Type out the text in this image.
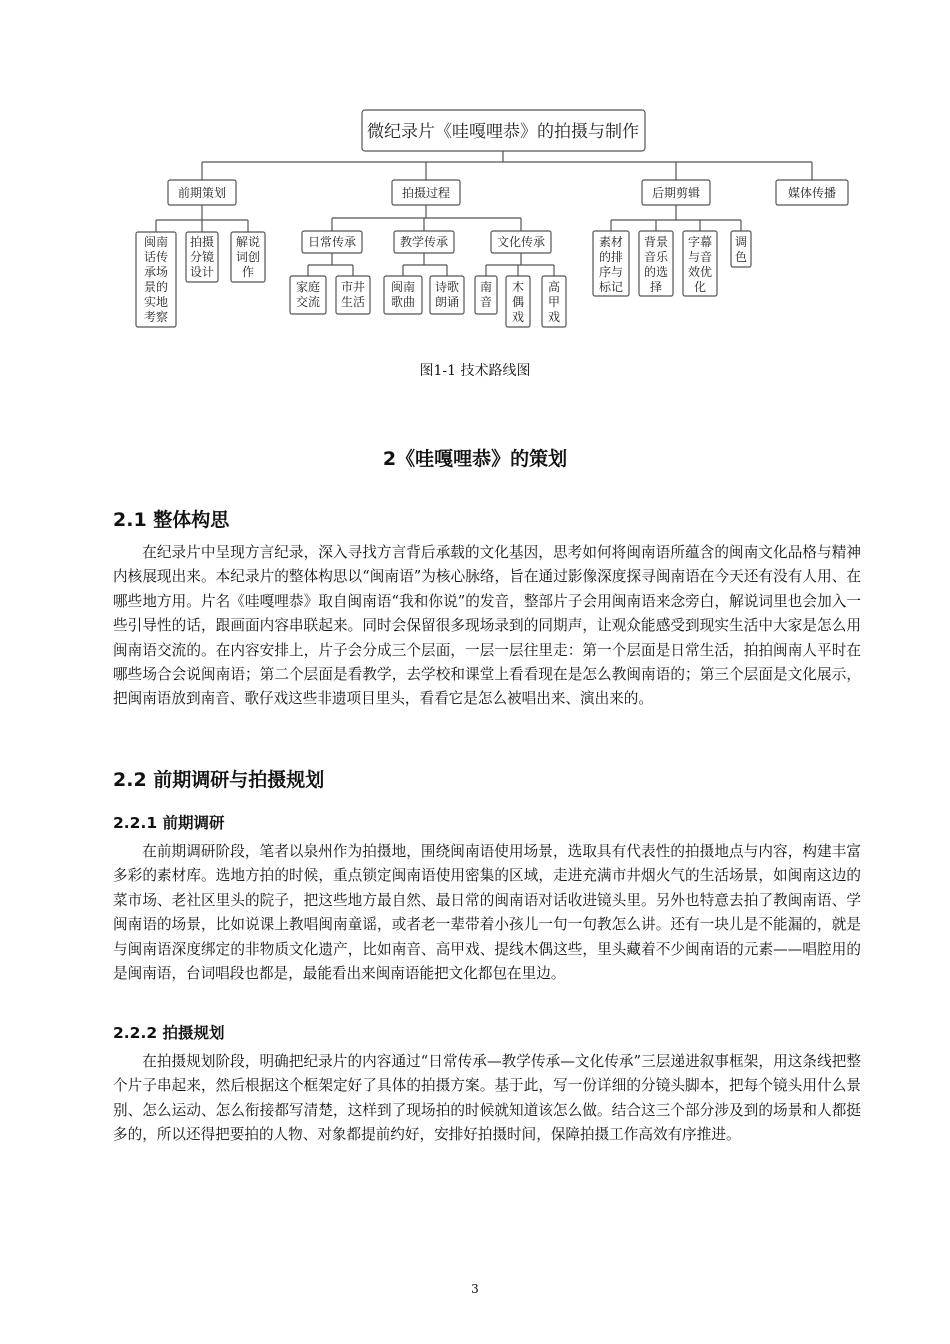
微纪录片《哇嘎哩恭》的拍摄与制作
前期策划	拍摄过程	后期剪辑	媒体传播
闽南
话传
承场
景的
实地
考察
拍摄
分镜
设计
解说
词创
作
日常传承	教学传承	文化传承
家庭
交流
市井
生活
闽南
歌曲
诗歌
朗诵
南
音
木
偶
戏
高
甲
戏
素材
的排
序与
标记
背景
音乐
的选
择
字幕
与音
效优
化
调
色
图1-1 技术路线图
2《哇嘎哩恭》的策划
2.1 整体构思
在纪录片中呈现方言纪录，深入寻找方言背后承载的文化基因，思考如何将闽南语所蕴含的闽南文化品格与精神内核展现出来。本纪录片的整体构思以“闽南语”为核心脉络，旨在通过影像深度探寻闽南语在今天还有没有人用、在哪些地方用。片名《哇嘎哩恭》取自闽南语“我和你说”的发音，整部片子会用闽南语来念旁白，解说词里也会加入一些引导性的话，跟画面内容串联起来。同时会保留很多现场录到的同期声，让观众能感受到现实生活中大家是怎么用闽南语交流的。在内容安排上，片子会分成三个层面，一层一层往里走：第一个层面是日常生活，拍拍闽南人平时在哪些场合会说闽南语；第二个层面是看教学，去学校和课堂上看看现在是怎么教闽南语的；第三个层面是文化展示，把闽南语放到南音、歌仔戏这些非遗项目里头，看看它是怎么被唱出来、演出来的。
2.2 前期调研与拍摄规划
2.2.1 前期调研
在前期调研阶段，笔者以泉州作为拍摄地，围绕闽南语使用场景，选取具有代表性的拍摄地点与内容，构建丰富多彩的素材库。选地方拍的时候，重点锁定闽南语使用密集的区域，走进充满市井烟火气的生活场景，如闽南这边的菜市场、老社区里头的院子，把这些地方最自然、最日常的闽南语对话收进镜头里。另外也特意去拍了教闽南语、学闽南语的场景，比如说课上教唱闽南童谣，或者老一辈带着小孩儿一句一句教怎么讲。还有一块儿是不能漏的，就是与闽南语深度绑定的非物质文化遗产，比如南音、高甲戏、提线木偶这些，里头藏着不少闽南语的元素——唱腔用的是闽南语，台词唱段也都是，最能看出来闽南语能把文化都包在里边。
2.2.2 拍摄规划
在拍摄规划阶段，明确把纪录片的内容通过“日常传承—教学传承—文化传承”三层递进叙事框架，用这条线把整个片子串起来，然后根据这个框架定好了具体的拍摄方案。基于此，写一份详细的分镜头脚本，把每个镜头用什么景别、怎么运动、怎么衔接都写清楚，这样到了现场拍的时候就知道该怎么做。结合这三个部分涉及到的场景和人都挺多的，所以还得把要拍的人物、对象都提前约好，安排好拍摄时间，保障拍摄工作高效有序推进。
3
